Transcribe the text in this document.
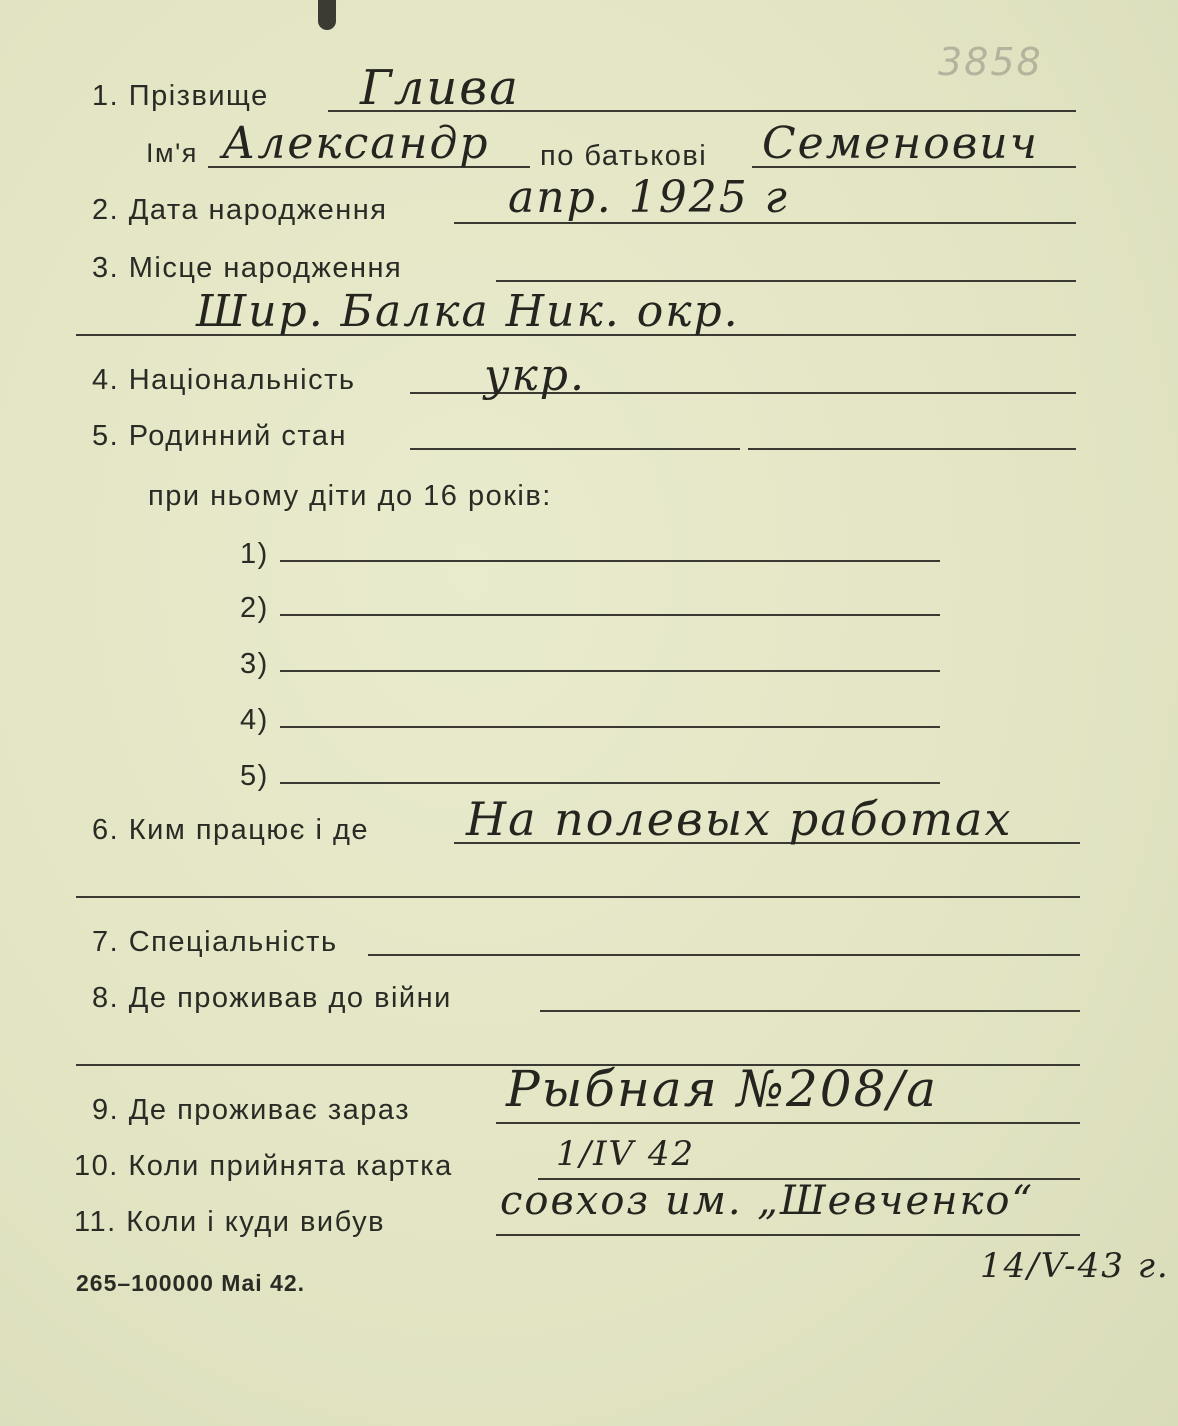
3858
1. Прізвище Глива
Ім'я Александр по батькові Семенович
2. Дата народження	апр. 1925 г
3. Місце народження
Шир. Балка Ник. окр.
4. Національність	укр.
5. Родинний стан
при ньому діти до 16 років:
1)
2)
3)
4)
5)
6. Ким працює і де На полевых работах
7. Спеціальність
8. Де проживав до війни
9. Де проживає зараз Рыбная №208/а
10. Коли прийнята картка	1/IV 42
11. Коли і куди вибув	совхоз им. „Шевченко“
14/V-43 г.
265–100000 Mai 42.
